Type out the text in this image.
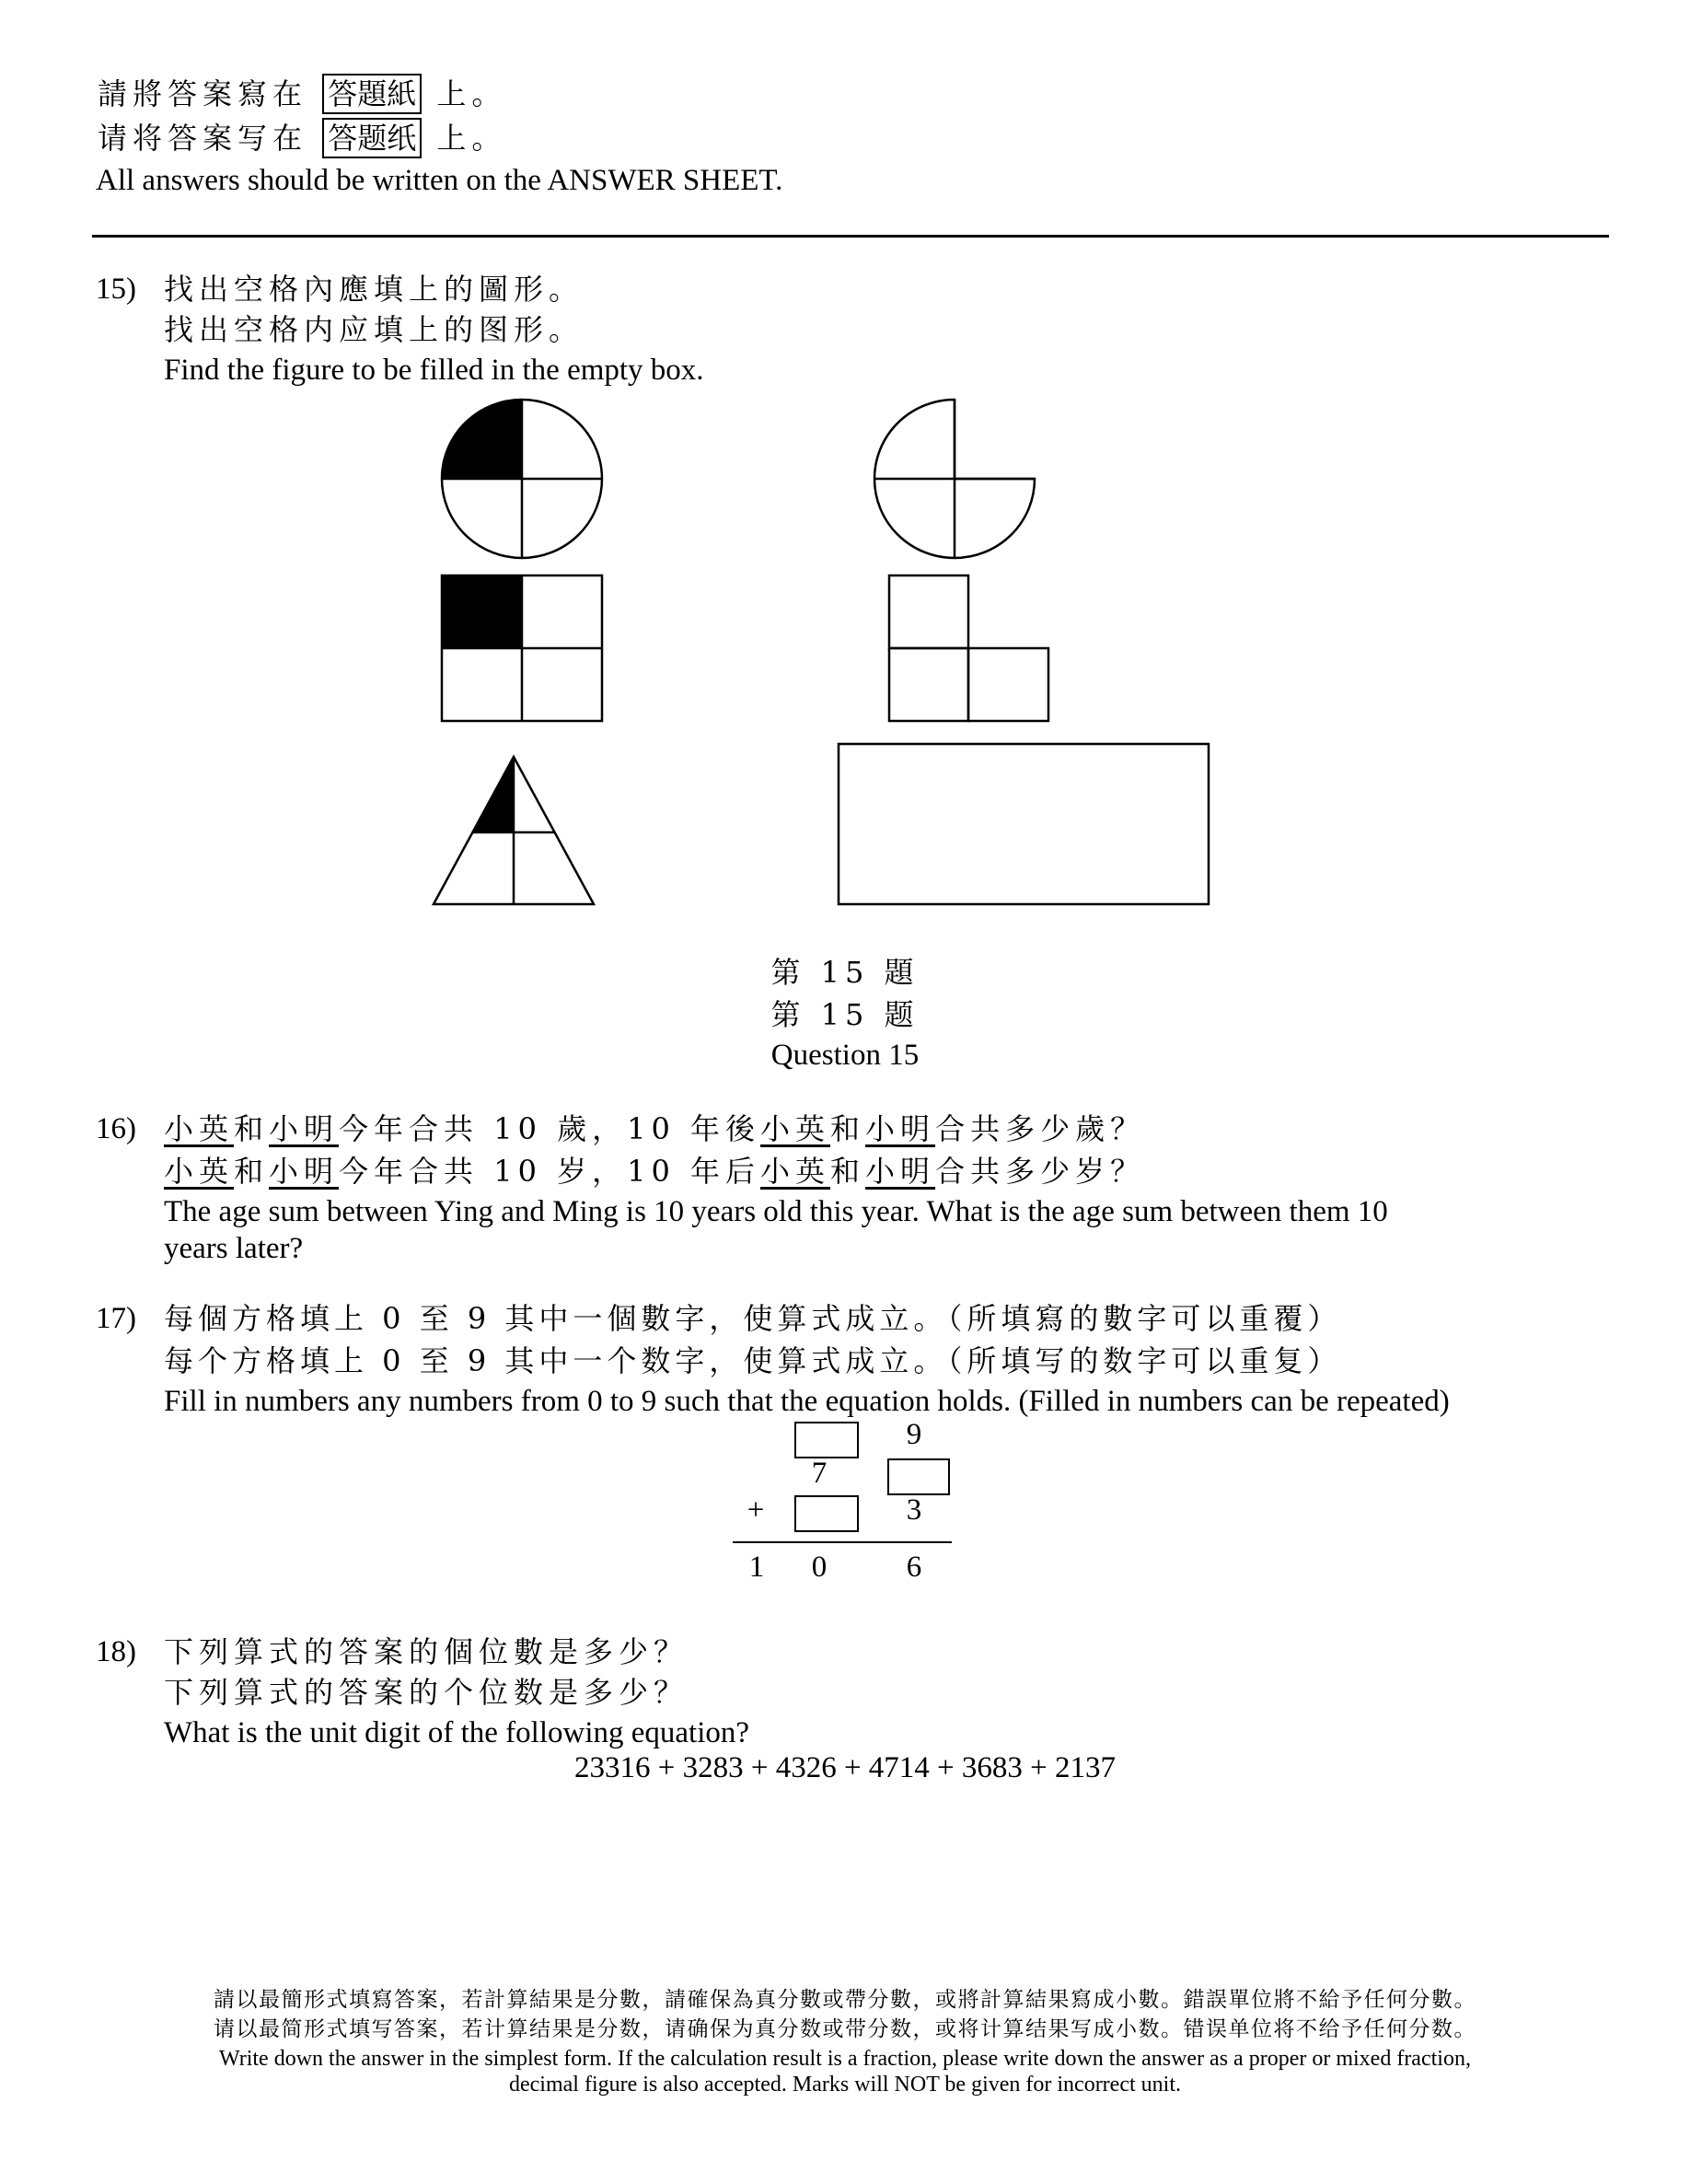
請將答案寫在 答題紙 上。
请将答案写在 答题纸 上。
All answers should be written on the ANSWER SHEET.
15) 找出空格內應填上的圖形。
找出空格内应填上的图形。
Find the figure to be filled in the empty box.
第 15 題
第 15 题
Question 15
16) 小英和小明今年合共 10 歲，10 年後小英和小明合共多少歲？
小英和小明今年合共 10 岁，10 年后小英和小明合共多少岁？
The age sum between Ying and Ming is 10 years old this year. What is the age sum between them 10
years later?
17) 每個方格填上 0 至 9 其中一個數字，使算式成立。（所填寫的數字可以重覆）
每个方格填上 0 至 9 其中一个数字，使算式成立。（所填写的数字可以重复）
Fill in numbers any numbers from 0 to 9 such that the equation holds. (Filled in numbers can be repeated)
9
7
+	3
1 0	6
18) 下列算式的答案的個位數是多少？
下列算式的答案的个位数是多少？
What is the unit digit of the following equation?
23316 + 3283 + 4326 + 4714 + 3683 + 2137
請以最簡形式填寫答案，若計算結果是分數，請確保為真分數或帶分數，或將計算結果寫成小數。錯誤單位將不給予任何分數。
请以最简形式填写答案，若计算结果是分数，请确保为真分数或带分数，或将计算结果写成小数。错误单位将不给予任何分数。
Write down the answer in the simplest form. If the calculation result is a fraction, please write down the answer as a proper or mixed fraction,
decimal figure is also accepted. Marks will NOT be given for incorrect unit.
